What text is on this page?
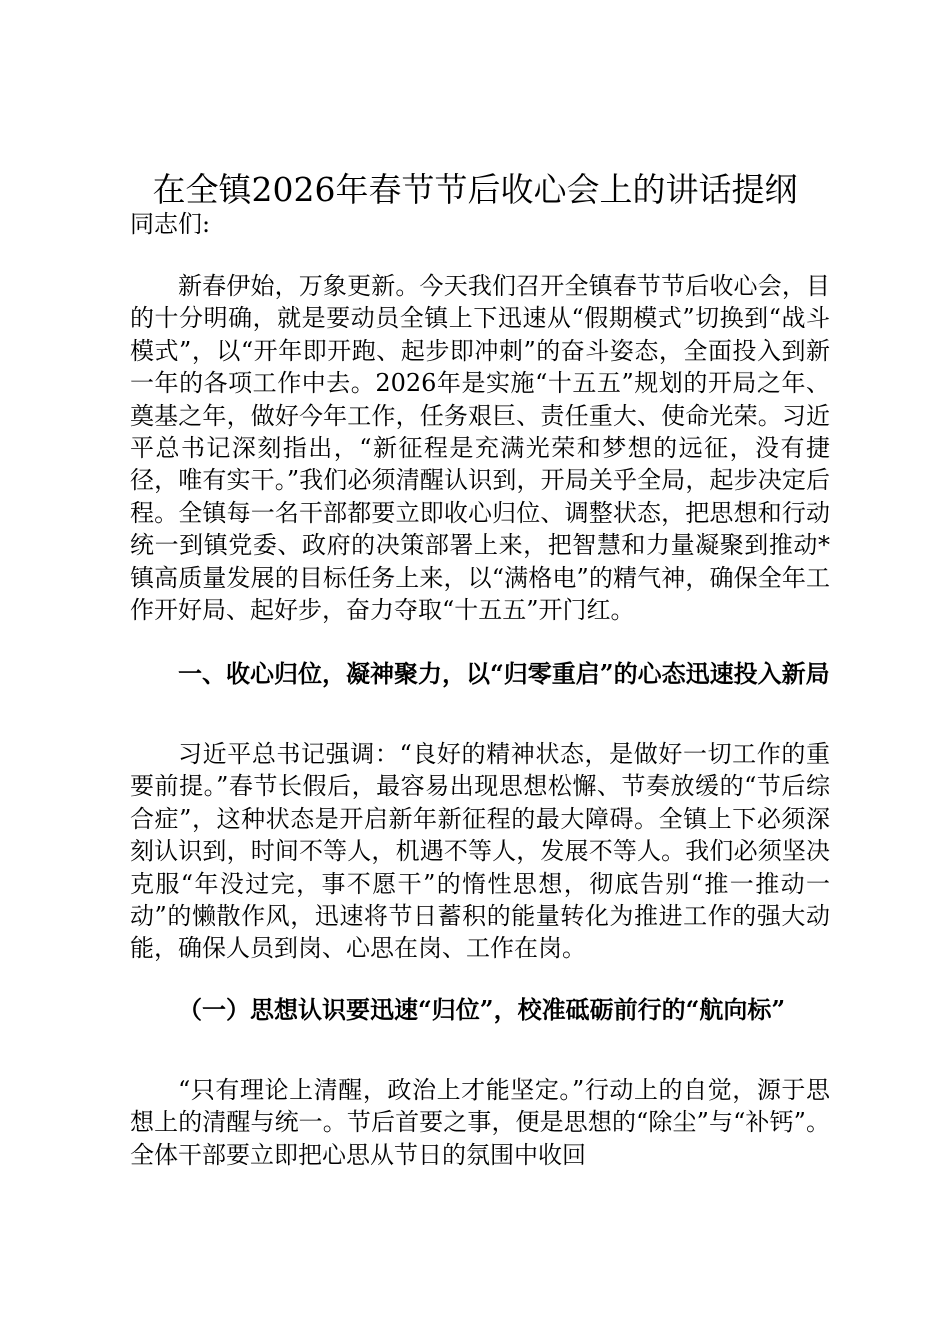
在全镇2026年春节节后收心会上的讲话提纲

同志们:

新春伊始，万象更新。今天我们召开全镇春节节后收心会，目的十分明确，就是要动员全镇上下迅速从“假期模式”切换到“战斗模式”，以“开年即开跑、起步即冲刺”的奋斗姿态，全面投入到新一年的各项工作中去。2026年是实施“十五五”规划的开局之年、奠基之年，做好今年工作，任务艰巨、责任重大、使命光荣。习近平总书记深刻指出，“新征程是充满光荣和梦想的远征，没有捷径，唯有实干。”我们必须清醒认识到，开局关乎全局，起步决定后程。全镇每一名干部都要立即收心归位、调整状态，把思想和行动统一到镇党委、政府的决策部署上来，把智慧和力量凝聚到推动*镇高质量发展的目标任务上来，以“满格电”的精气神，确保全年工作开好局、起好步，奋力夺取“十五五”开门红。

一、收心归位，凝神聚力，以“归零重启”的心态迅速投入新局

习近平总书记强调：“良好的精神状态，是做好一切工作的重要前提。”春节长假后，最容易出现思想松懈、节奏放缓的“节后综合症”，这种状态是开启新年新征程的最大障碍。全镇上下必须深刻认识到，时间不等人，机遇不等人，发展不等人。我们必须坚决克服“年没过完，事不愿干”的惰性思想，彻底告别“推一推动一动”的懒散作风，迅速将节日蓄积的能量转化为推进工作的强大动能，确保人员到岗、心思在岗、工作在岗。

（一）思想认识要迅速“归位”，校准砥砺前行的“航向标”

“只有理论上清醒，政治上才能坚定。”行动上的自觉，源于思想上的清醒与统一。节后首要之事，便是思想的“除尘”与“补钙”。全体干部要立即把心思从节日的氛围中收回
